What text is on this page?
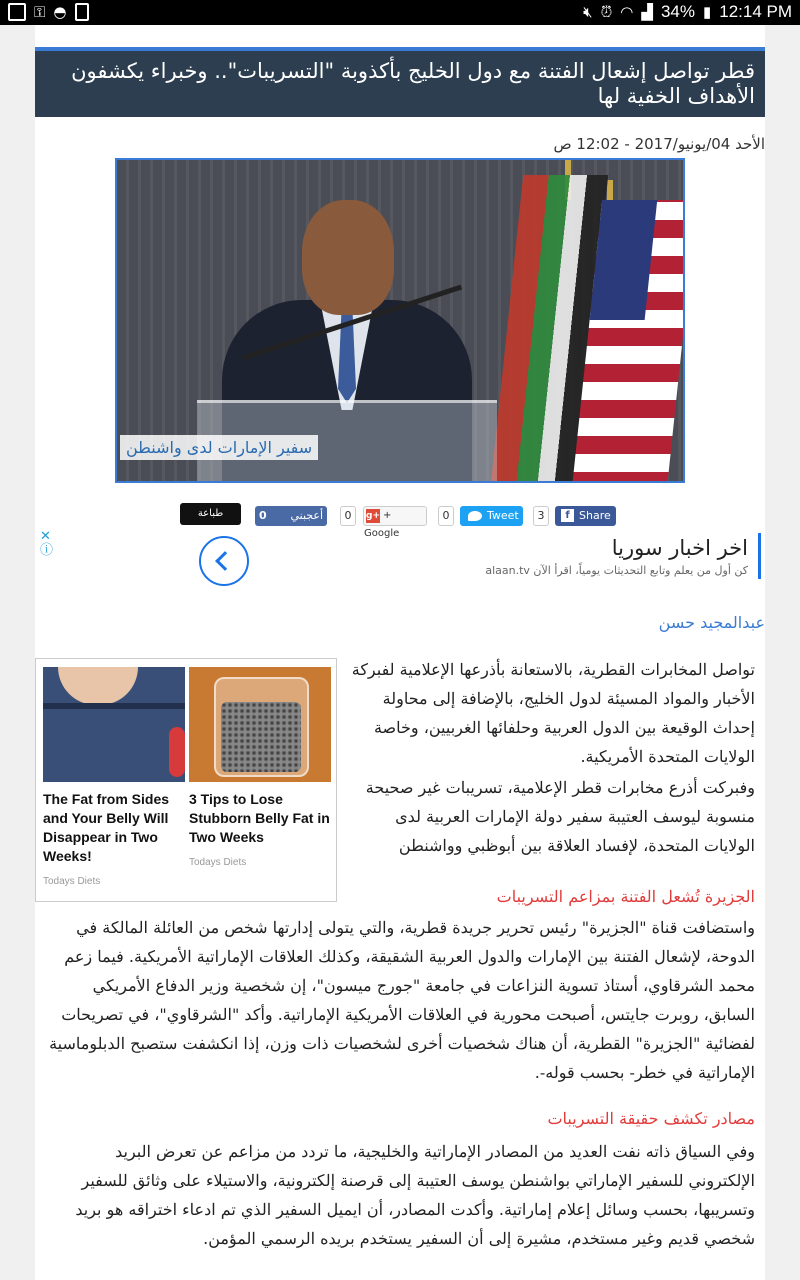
⚿ ◓	🔇︎ ⏰︎ ◠ ▟ 34% ▮ 12:14 PM
قطر تواصل إشعال الفتنة مع دول الخليج بأكذوبة "التسريبات".. وخبراء يكشفون الأهداف الخفية لها
الأحد 04/يونيو/2017 - 12:02 ص
سفير الإمارات لدى واشنطن
طباعة	0 أعجبني	0	g+ + Google
0	Tweet	3	f Share
✕
ⓘ	اخر اخبار سوريا
كن أول من يعلم وتابع التحديثات يومياً، اقرأ الآن alaan.tv
عبدالمجيد حسن
The Fat from Sides and Your Belly Will Disappear in Two Weeks!
Todays Diets
3 Tips to Lose Stubborn Belly Fat in Two Weeks
Todays Diets
تواصل المخابرات القطرية، بالاستعانة بأذرعها الإعلامية لفبركة الأخبار والمواد المسيئة لدول الخليج، بالإضافة إلى محاولة إحداث الوقيعة بين الدول العربية وحلفائها الغربيين، وخاصة الولايات المتحدة الأمريكية.
وفبركت أذرع مخابرات قطر الإعلامية، تسريبات غير صحيحة منسوبة ليوسف العتيبة سفير دولة الإمارات العربية لدى الولايات المتحدة، لإفساد العلاقة بين أبوظبي وواشنطن
الجزيرة تُشعل الفتنة بمزاعم التسريبات
واستضافت قناة "الجزيرة" رئيس تحرير جريدة قطرية، والتي يتولى إدارتها شخص من العائلة المالكة في الدوحة، لإشعال الفتنة بين الإمارات والدول العربية الشقيقة، وكذلك العلاقات الإماراتية الأمريكية. فيما زعم محمد الشرقاوي، أستاذ تسوية النزاعات في جامعة "جورج ميسون"، إن شخصية وزير الدفاع الأمريكي السابق، روبرت جايتس، أصبحت محورية في العلاقات الأمريكية الإماراتية. وأكد "الشرقاوي"، في تصريحات لفضائية "الجزيرة" القطرية، أن هناك شخصيات أخرى لشخصيات ذات وزن، إذا انكشفت ستصبح الدبلوماسية الإماراتية في خطر- بحسب قوله-.
مصادر تكشف حقيقة التسريبات
وفي السياق ذاته نفت العديد من المصادر الإماراتية والخليجية، ما تردد من مزاعم عن تعرض البريد الإلكتروني للسفير الإماراتي بواشنطن يوسف العتيبة إلى قرصنة إلكترونية، والاستيلاء على وثائق للسفير وتسريبها، بحسب وسائل إعلام إماراتية. وأكدت المصادر، أن ايميل السفير الذي تم ادعاء اختراقه هو بريد شخصي قديم وغير مستخدم، مشيرة إلى أن السفير يستخدم بريده الرسمي المؤمن.
